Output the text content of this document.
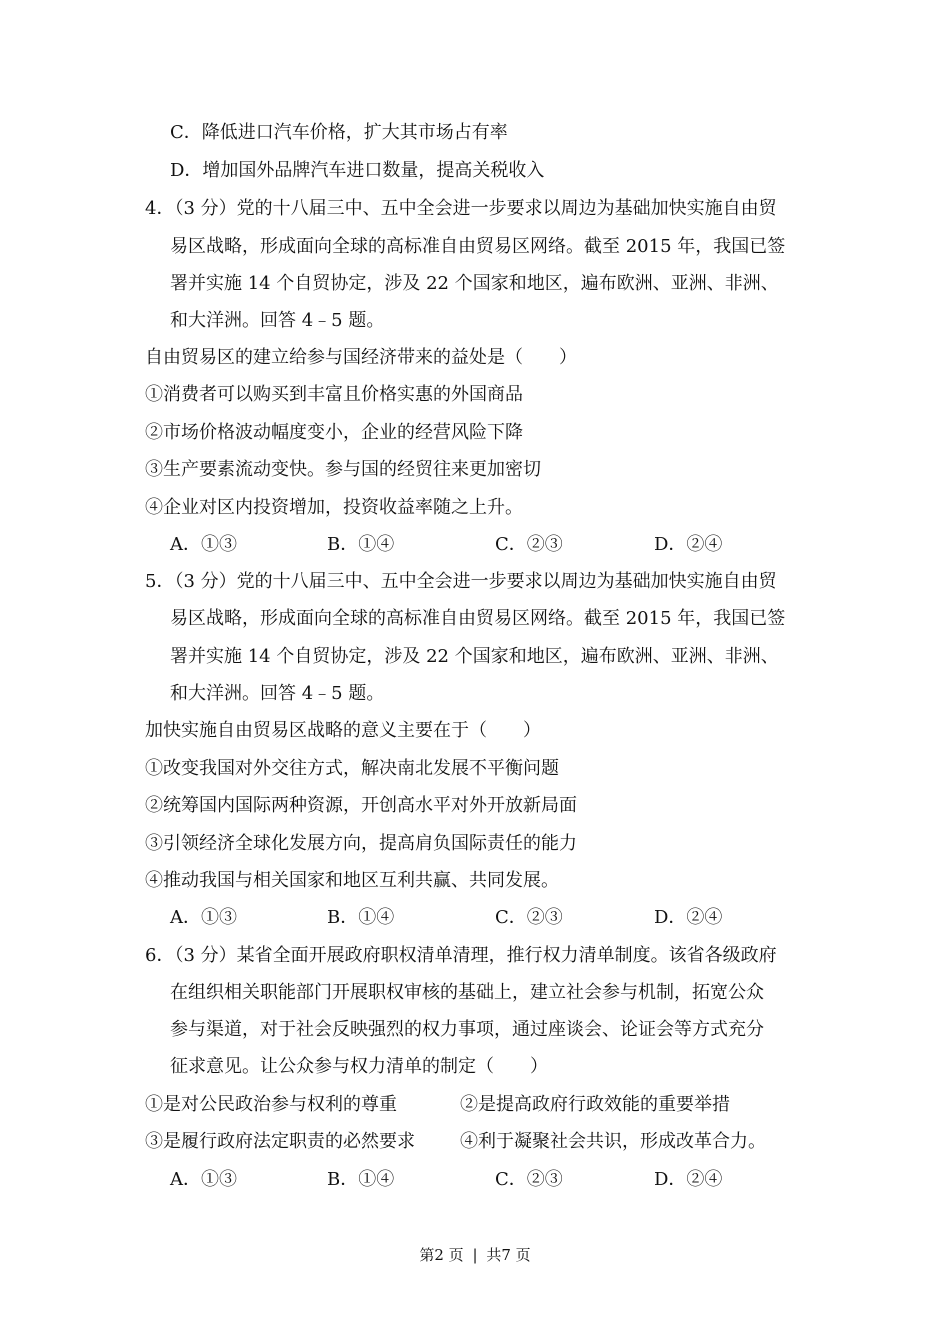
C．降低进口汽车价格，扩大其市场占有率
D．增加国外品牌汽车进口数量，提高关税收入
4．（3 分）党的十八届三中、五中全会进一步要求以周边为基础加快实施自由贸
易区战略，形成面向全球的高标准自由贸易区网络。截至 2015 年，我国已签
署并实施 14 个自贸协定，涉及 22 个国家和地区，遍布欧洲、亚洲、非洲、
和大洋洲。回答 4﹣5 题。
自由贸易区的建立给参与国经济带来的益处是（　　）
①消费者可以购买到丰富且价格实惠的外国商品
②市场价格波动幅度变小，企业的经营风险下降
③生产要素流动变快。参与国的经贸往来更加密切
④企业对区内投资增加，投资收益率随之上升。
A．①③	B．①④	C．②③	D．②④
5．（3 分）党的十八届三中、五中全会进一步要求以周边为基础加快实施自由贸
易区战略，形成面向全球的高标准自由贸易区网络。截至 2015 年，我国已签
署并实施 14 个自贸协定，涉及 22 个国家和地区，遍布欧洲、亚洲、非洲、
和大洋洲。回答 4﹣5 题。
加快实施自由贸易区战略的意义主要在于（　　）
①改变我国对外交往方式，解决南北发展不平衡问题
②统筹国内国际两种资源，开创高水平对外开放新局面
③引领经济全球化发展方向，提高肩负国际责任的能力
④推动我国与相关国家和地区互利共赢、共同发展。
A．①③	B．①④	C．②③	D．②④
6．（3 分）某省全面开展政府职权清单清理，推行权力清单制度。该省各级政府
在组织相关职能部门开展职权审核的基础上，建立社会参与机制，拓宽公众
参与渠道，对于社会反映强烈的权力事项，通过座谈会、论证会等方式充分
征求意见。让公众参与权力清单的制定（　　）
①是对公民政治参与权利的尊重	②是提高政府行政效能的重要举措
③是履行政府法定职责的必然要求	④利于凝聚社会共识，形成改革合力。
A．①③	B．①④	C．②③	D．②④
第2 页 | 共7 页
